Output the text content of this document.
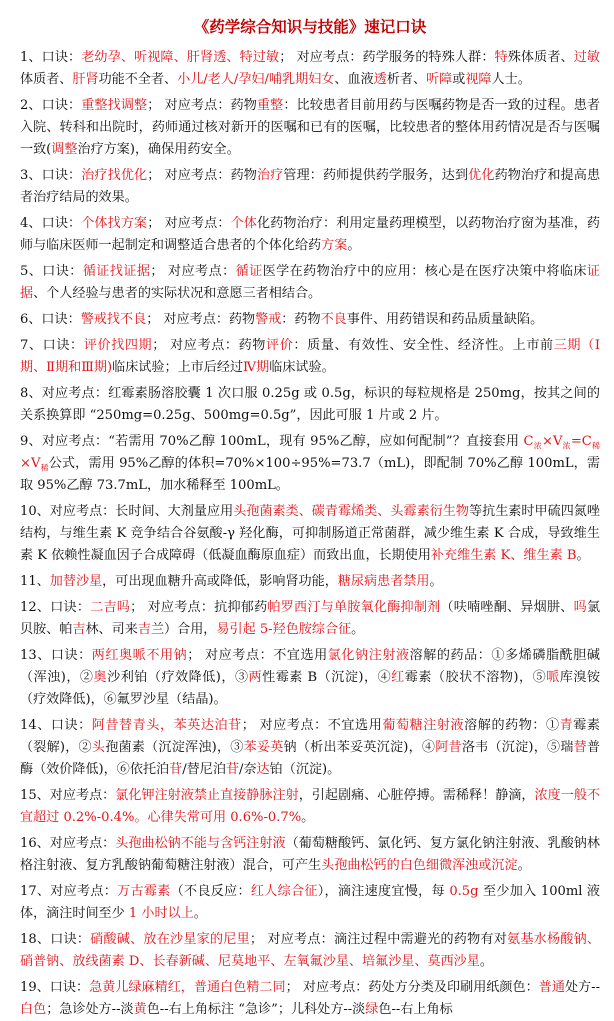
《药学综合知识与技能》速记口诀
1、口诀：老幼孕、听视障、肝肾透、特过敏； 对应考点：药学服务的特殊人群：特殊体质者、过敏体质者、肝肾功能不全者、小儿/老人/孕妇/哺乳期妇女、血液透析者、听障或视障人士。
2、口诀：重整找调整； 对应考点：药物重整：比较患者目前用药与医嘱药物是否一致的过程。患者入院、转科和出院时，药师通过核对新开的医嘱和已有的医嘱，比较患者的整体用药情况是否与医嘱一致(调整治疗方案)，确保用药安全。
3、口诀：治疗找优化； 对应考点：药物治疗管理：药师提供药学服务，达到优化药物治疗和提高患者治疗结局的效果。
4、口诀：个体找方案； 对应考点：个体化药物治疗：利用定量药理模型，以药物治疗窗为基准，药师与临床医师一起制定和调整适合患者的个体化给药方案。
5、口诀：循证找证据； 对应考点：循证医学在药物治疗中的应用：核心是在医疗决策中将临床证据、个人经验与患者的实际状况和意愿三者相结合。
6、口诀：警戒找不良； 对应考点：药物警戒：药物不良事件、用药错误和药品质量缺陷。
7、口诀：评价找四期； 对应考点：药物评价：质量、有效性、安全性、经济性。上市前三期（Ⅰ期、Ⅱ期和Ⅲ期)临床试验；上市后经过Ⅳ期临床试验。
8、对应考点：红霉素肠溶胶囊 1 次口服 0.25g 或 0.5g，标识的每粒规格是 250mg，按其之间的关系换算即 “250mg=0.25g、500mg=0.5g”，因此可服 1 片或 2 片。
9、对应考点：“若需用 70%乙醇 100mL，现有 95%乙醇，应如何配制”？直接套用 $C_浓\times V_浓=C_稀\times V_稀$公式，需用 95%乙醇的体积=70%×100÷95%=73.7（mL)，即配制 70%乙醇 100mL，需取 95%乙醇 73.7mL，加水稀释至 100mL。
10、对应考点：长时间、大剂量应用头孢菌素类、碳青霉烯类、头霉素衍生物等抗生素时甲硫四氮唑结构，与维生素 K 竞争结合谷氨酸-γ 羟化酶，可抑制肠道正常菌群，减少维生素 K 合成，导致维生素 K 依赖性凝血因子合成障碍（低凝血酶原血症）而致出血，长期使用补充维生素 K、维生素 B。
11、加替沙星，可出现血糖升高或降低，影响肾功能，糖尿病患者禁用。
12、口诀：二吉吗； 对应考点：抗抑郁药帕罗西汀与单胺氧化酶抑制剂（呋喃唑酮、异烟肼、吗氯贝胺、帕吉林、司来吉兰）合用，易引起 5-羟色胺综合征。
13、口诀：两红奥哌不用钠； 对应考点：不宜选用氯化钠注射液溶解的药品：①多烯磷脂酰胆碱（浑浊)，②奥沙利铂（疗效降低)，③两性霉素 B（沉淀)，④红霉素（胶状不溶物)，⑤哌库溴铵（疗效降低)，⑥氟罗沙星（结晶)。
14、口诀：阿昔替青头，苯英达泊苷； 对应考点：不宜选用葡萄糖注射液溶解的药物：①青霉素（裂解)，②头孢菌素（沉淀浑浊)，③苯妥英钠（析出苯妥英沉淀)，④阿昔洛韦（沉淀)，⑤瑞替普酶（效价降低)，⑥依托泊苷/替尼泊苷/奈达铂（沉淀)。
15、对应考点：氯化钾注射液禁止直接静脉注射，引起剧痛、心脏停搏。需稀释！静滴，浓度一般不宜超过 0.2%-0.4%。心律失常可用 0.6%-0.7%。
16、对应考点：头孢曲松钠不能与含钙注射液（葡萄糖酸钙、氯化钙、复方氯化钠注射液、乳酸钠林格注射液、复方乳酸钠葡萄糖注射液）混合，可产生头孢曲松钙的白色细微浑浊或沉淀。
17、对应考点：万古霉素（不良反应：红人综合征），滴注速度宜慢，每 0.5g 至少加入 100ml 液体，滴注时间至少 1 小时以上。
18、口诀：硝酸碱、放在沙星家的尼里； 对应考点：滴注过程中需避光的药物有对氨基水杨酸钠、硝普钠、放线菌素 D、长春新碱、尼莫地平、左氧氟沙星、培氟沙星、莫西沙星。
19、口诀：急黄儿绿麻精红，普通白色精二同； 对应考点：药处方分类及印刷用纸颜色：普通处方--白色；急诊处方--淡黄色--右上角标注 “急诊”；儿科处方--淡绿色--右上角标
